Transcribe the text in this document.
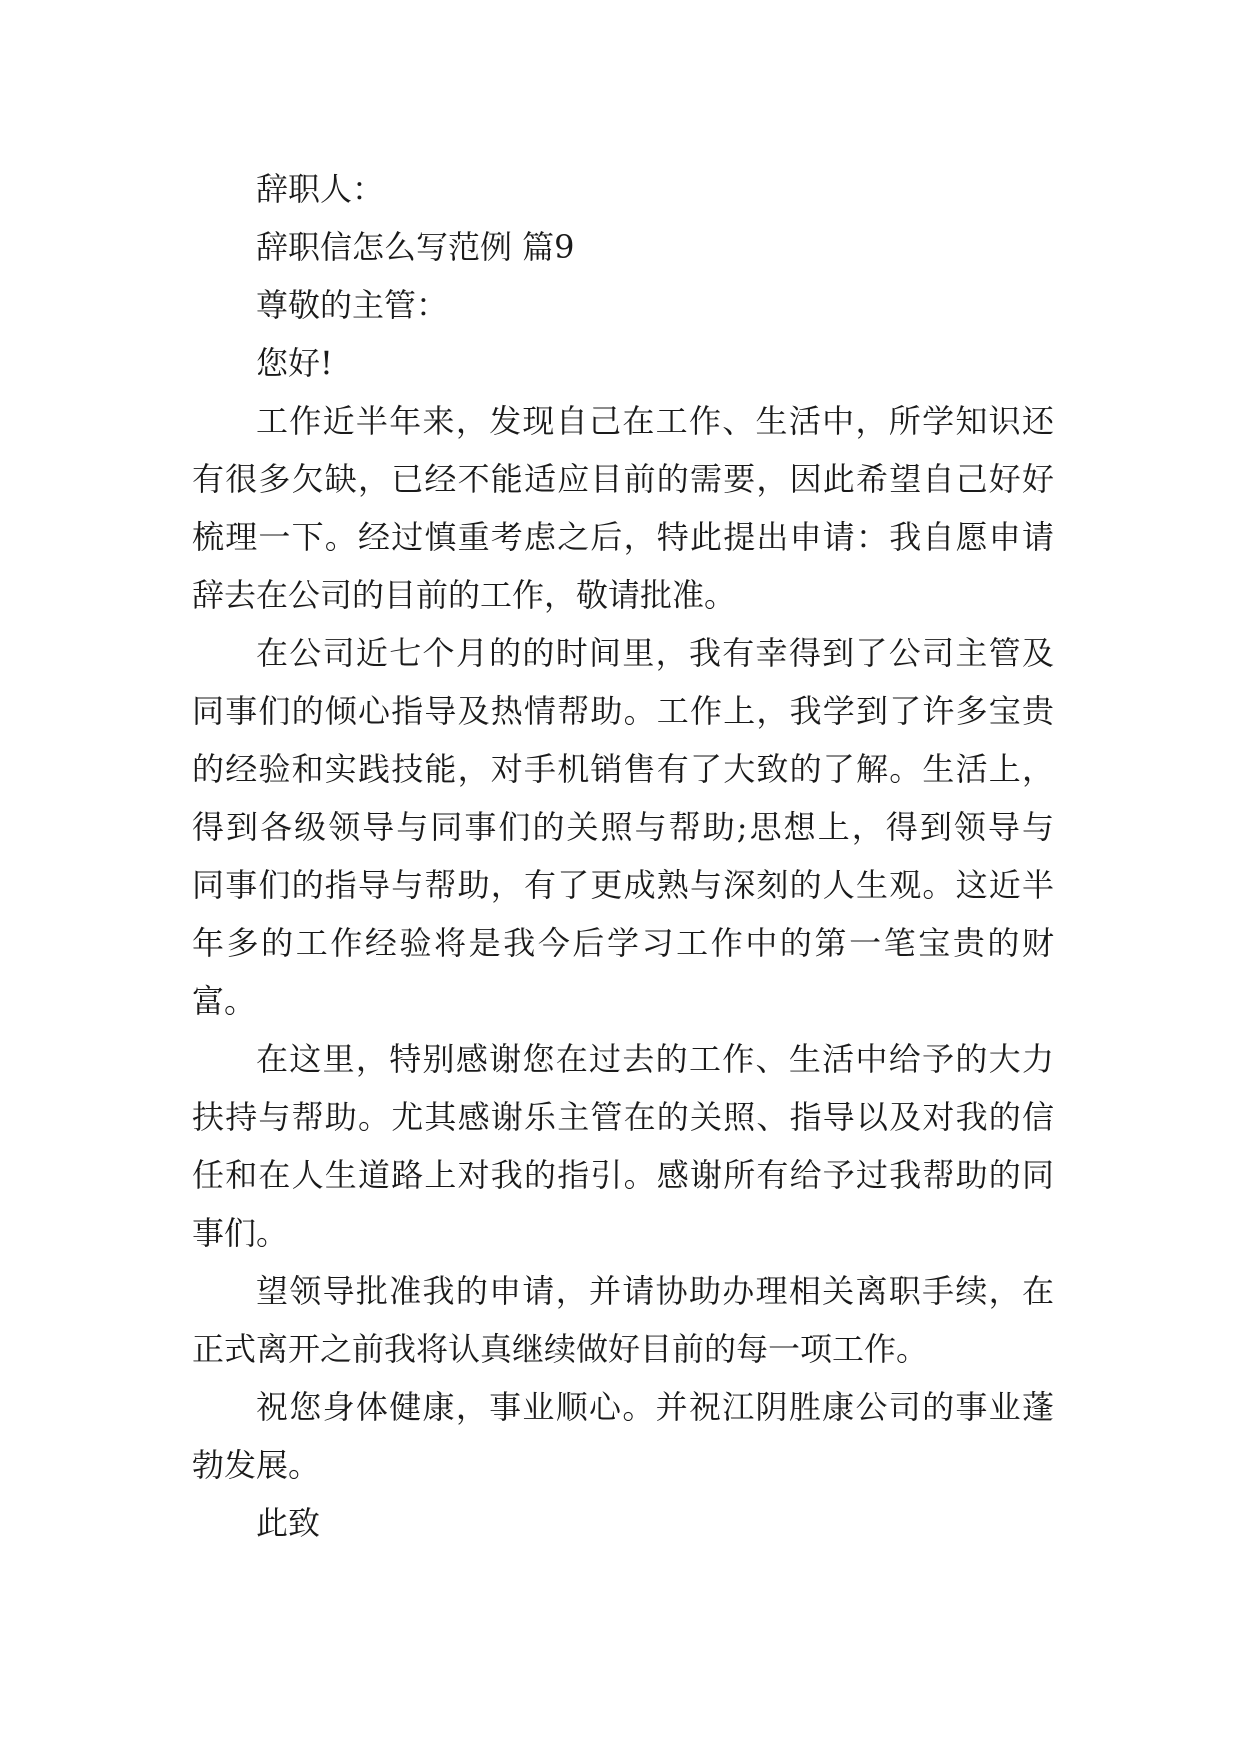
辞职人：

辞职信怎么写范例 篇9

尊敬的主管：

您好!

工作近半年来，发现自己在工作、生活中，所学知识还

有很多欠缺，已经不能适应目前的需要，因此希望自己好好

梳理一下。经过慎重考虑之后，特此提出申请：我自愿申请

辞去在公司的目前的工作，敬请批准。

在公司近七个月的的时间里，我有幸得到了公司主管及

同事们的倾心指导及热情帮助。工作上，我学到了许多宝贵

的经验和实践技能，对手机销售有了大致的了解。生活上，

得到各级领导与同事们的关照与帮助;思想上，得到领导与

同事们的指导与帮助，有了更成熟与深刻的人生观。这近半

年多的工作经验将是我今后学习工作中的第一笔宝贵的财

富。

在这里，特别感谢您在过去的工作、生活中给予的大力

扶持与帮助。尤其感谢乐主管在的关照、指导以及对我的信

任和在人生道路上对我的指引。感谢所有给予过我帮助的同

事们。

望领导批准我的申请，并请协助办理相关离职手续，在

正式离开之前我将认真继续做好目前的每一项工作。

祝您身体健康，事业顺心。并祝江阴胜康公司的事业蓬

勃发展。

此致
